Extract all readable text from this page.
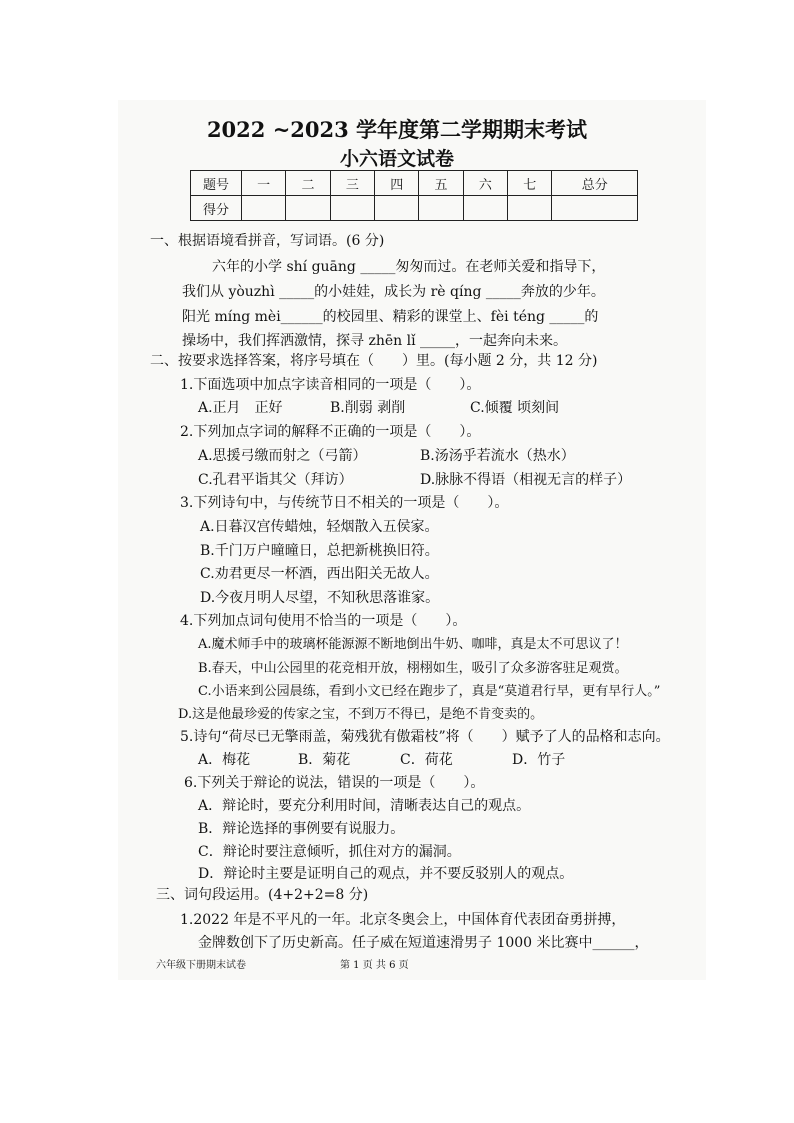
2022 ~2023 学年度第二学期期末考试
小六语文试卷
题号	一	二	三	四	五	六	七	总分
得分								
一、根据语境看拼音，写词语。(6 分)
六年的小学 shí guāng _____匆匆而过。在老师关爱和指导下，
我们从 yòuzhì _____的小娃娃，成长为 rè qíng _____奔放的少年。
阳光 míng mèi______的校园里、精彩的课堂上、fèi téng _____的
操场中，我们挥洒激情，探寻 zhēn lǐ _____，一起奔向未来。
二、按要求选择答案，将序号填在（　　）里。(每小题 2 分，共 12 分)
1.下面选项中加点字读音相同的一项是（　　）。
A.正月　正好	B.削弱 剥削	C.倾覆 顷刻间
2.下列加点字词的解释不正确的一项是（　　）。
A.思援弓缴而射之（弓箭）	B.汤汤乎若流水（热水）
C.孔君平诣其父（拜访）	D.脉脉不得语（相视无言的样子）
3.下列诗句中，与传统节日不相关的一项是（　　）。
A.日暮汉宫传蜡烛，轻烟散入五侯家。
B.千门万户曈曈日，总把新桃换旧符。
C.劝君更尽一杯酒，西出阳关无故人。
D.今夜月明人尽望，不知秋思落谁家。
4.下列加点词句使用不恰当的一项是（　　）。
A.魔术师手中的玻璃杯能源源不断地倒出牛奶、咖啡，真是太不可思议了！
B.春天，中山公园里的花竞相开放，栩栩如生，吸引了众多游客驻足观赏。
C.小语来到公园晨练，看到小文已经在跑步了，真是“莫道君行早，更有早行人。”
D.这是他最珍爱的传家之宝，不到万不得已，是绝不肯变卖的。
5.诗句“荷尽已无擎雨盖，菊残犹有傲霜枝”将（　　）赋予了人的品格和志向。
A．梅花	B．菊花	C．荷花	D．竹子
6.下列关于辩论的说法，错误的一项是（　　）。
A．辩论时，要充分利用时间，清晰表达自己的观点。
B．辩论选择的事例要有说服力。
C．辩论时要注意倾听，抓住对方的漏洞。
D．辩论时主要是证明自己的观点，并不要反驳别人的观点。
三、词句段运用。(4+2+2=8 分)
1.2022 年是不平凡的一年。北京冬奥会上，中国体育代表团奋勇拼搏，
金牌数创下了历史新高。任子威在短道速滑男子 1000 米比赛中______，
六年级下册期末试卷	第 1 页 共 6 页
